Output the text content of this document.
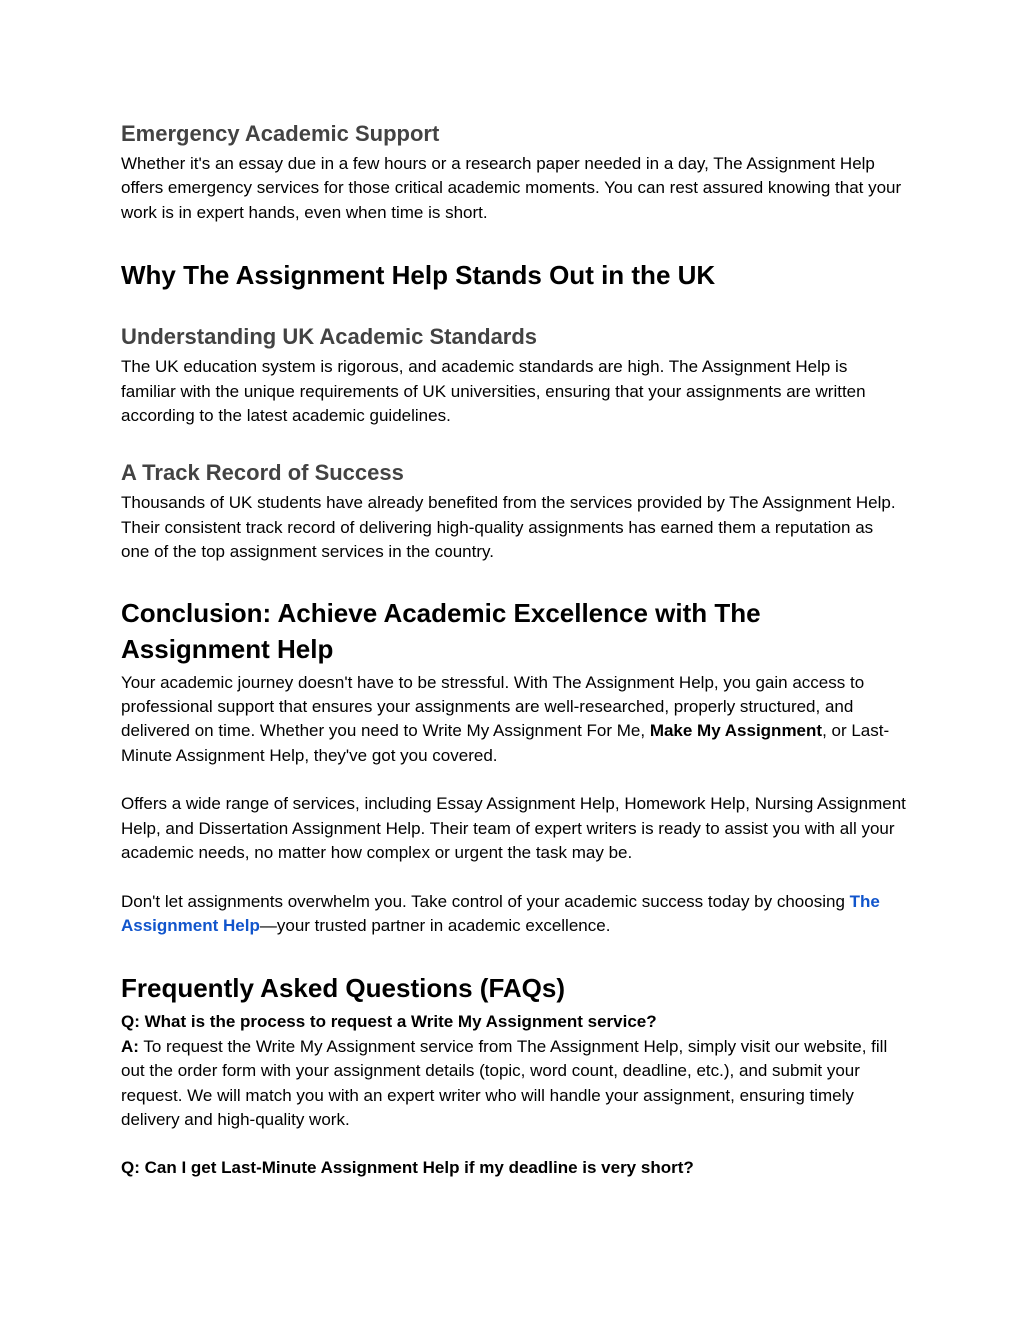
Emergency Academic Support

Whether it's an essay due in a few hours or a research paper needed in a day, The Assignment Help offers emergency services for those critical academic moments. You can rest assured knowing that your work is in expert hands, even when time is short.

Why The Assignment Help Stands Out in the UK
Understanding UK Academic Standards

The UK education system is rigorous, and academic standards are high. The Assignment Help is familiar with the unique requirements of UK universities, ensuring that your assignments are written according to the latest academic guidelines.

A Track Record of Success

Thousands of UK students have already benefited from the services provided by The Assignment Help. Their consistent track record of delivering high-quality assignments has earned them a reputation as one of the top assignment services in the country.

Conclusion: Achieve Academic Excellence with The Assignment Help

Your academic journey doesn't have to be stressful. With The Assignment Help, you gain access to professional support that ensures your assignments are well-researched, properly structured, and delivered on time. Whether you need to Write My Assignment For Me, Make My Assignment, or Last-Minute Assignment Help, they've got you covered.

Offers a wide range of services, including Essay Assignment Help, Homework Help, Nursing Assignment Help, and Dissertation Assignment Help. Their team of expert writers is ready to assist you with all your academic needs, no matter how complex or urgent the task may be.

Don't let assignments overwhelm you. Take control of your academic success today by choosing The Assignment Help—your trusted partner in academic excellence.

Frequently Asked Questions (FAQs)

Q: What is the process to request a Write My Assignment service?

A: To request the Write My Assignment service from The Assignment Help, simply visit our website, fill out the order form with your assignment details (topic, word count, deadline, etc.), and submit your request. We will match you with an expert writer who will handle your assignment, ensuring timely delivery and high-quality work.

Q: Can I get Last-Minute Assignment Help if my deadline is very short?
